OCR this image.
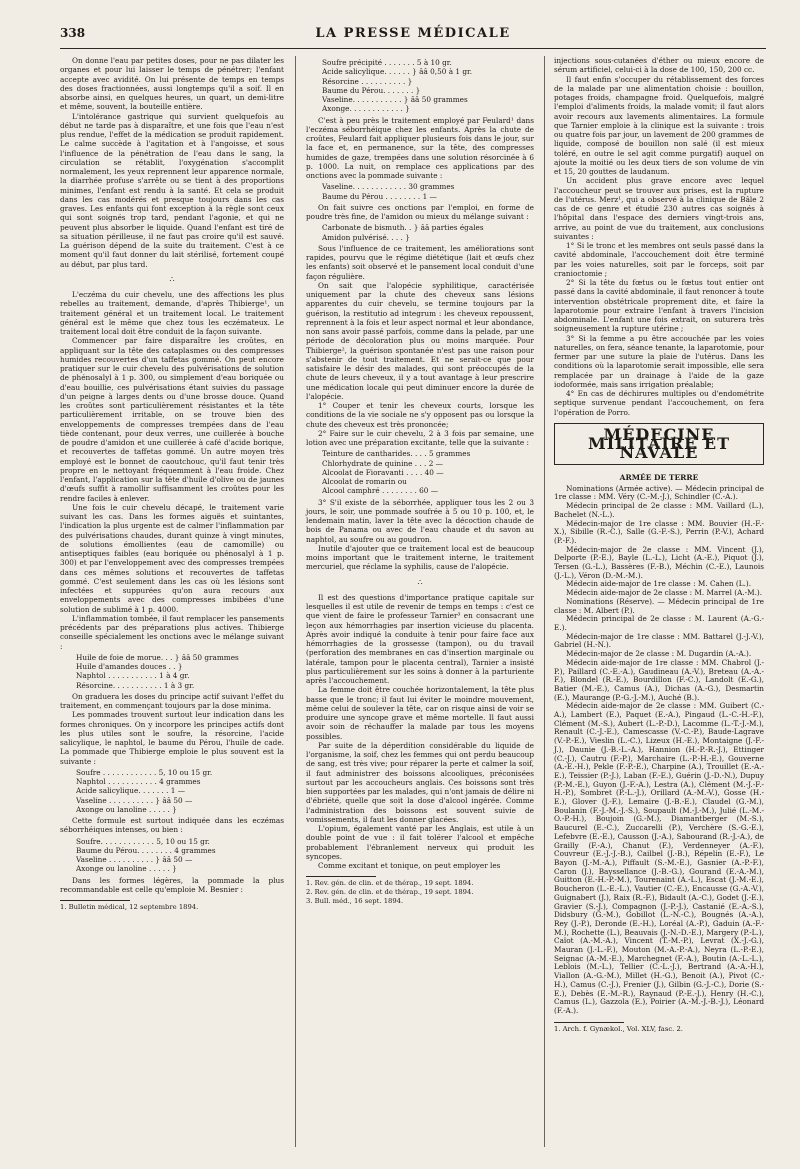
338	LA PRESSE MÉDICALE

On donne l'eau par petites doses, pour ne pas dilater les organes et pour lui laisser le temps de pénétrer; l'enfant accepte avec avidité. On lui présente de temps en temps des doses fractionnées, aussi longtemps qu'il a soif. Il en absorbe ainsi, en quelques heures, un quart, un demi-litre et même, souvent, la bouteille entière.

L'intolérance gastrique qui survient quelquefois au début ne tarde pas à disparaître, et une fois que l'eau n'est plus rendue, l'effet de la médication se produit rapidement. Le calme succède à l'agitation et à l'angoisse, et sous l'influence de la pénétration de l'eau dans le sang, la circulation se rétablit, l'oxygénation s'accomplit normalement, les yeux reprennent leur apparence normale, la diarrhée profuse s'arrête ou se tient à des proportions minimes, l'enfant est rendu à la santé. Et cela se produit dans les cas modérés et presque toujours dans les cas graves. Les enfants qui font exception à la règle sont ceux qui sont soignés trop tard, pendant l'agonie, et qui ne peuvent plus absorber le liquide. Quand l'enfant est tiré de sa situation périlleuse, il ne faut pas croire qu'il est sauvé. La guérison dépend de la suite du traitement. C'est à ce moment qu'il faut donner du lait stérilisé, fortement coupé au début, par plus tard.

∴

L'eczéma du cuir chevelu, une des affections les plus rebelles au traitement, demande, d'après Thibierge¹, un traitement général et un traitement local. Le traitement général est le même que chez tous les eczémateux. Le traitement local doit être conduit de la façon suivante.

Commencer par faire disparaître les croûtes, en appliquant sur la tête des cataplasmes ou des compresses humides recouvertes d'un taffetas gommé. On peut encore pratiquer sur le cuir chevelu des pulvérisations de solution de phénosalyl à 1 p. 300, ou simplement d'eau boriquée ou d'eau bouillie, ces pulvérisations étant suivies du passage d'un peigne à larges dents ou d'une brosse douce. Quand les croûtes sont particulièrement résistantes et la tête particulièrement irritable, on se trouve bien des enveloppements de compresses trempées dans de l'eau tiède contenant, pour deux verres, une cuillerée à bouche de poudre d'amidon et une cuillerée à café d'acide borique, et recouvertes de taffetas gommé. Un autre moyen très employé est le bonnet de caoutchouc, qu'il faut tenir très propre en le nettoyant fréquemment à l'eau froide. Chez l'enfant, l'application sur la tête d'huile d'olive ou de jaunes d'œufs suffit à ramollir suffisamment les croûtes pour les rendre faciles à enlever.

Une fois le cuir chevelu décapé, le traitement varie suivant les cas. Dans les formes aiguës et suintantes, l'indication la plus urgente est de calmer l'inflammation par des pulvérisations chaudes, durant quinze à vingt minutes, de solutions émollientes (eau de camomille) ou antiseptiques faibles (eau boriquée ou phénosalyl à 1 p. 300) et par l'enveloppement avec des compresses trempées dans ces mêmes solutions et recouvertes de taffetas gommé. C'est seulement dans les cas où les lésions sont infectées et suppurées qu'on aura recours aux enveloppements avec des compresses imbibées d'une solution de sublimé à 1 p. 4000.

L'inflammation tombée, il faut remplacer les pansements précédents par des préparations plus actives. Thibierge conseille spécialement les onctions avec le mélange suivant :

Huile de foie de morue. . . } ââ 50 grammes
Huile d'amandes douces . . }
Naphtol . . . . . . . . . . . 1 à 4 gr.
Résorcine. . . . . . . . . . . 1 à 3 gr.

On graduera les doses du principe actif suivant l'effet du traitement, en commençant toujours par la dose minima.

Les pommades trouvent surtout leur indication dans les formes chroniques. On y incorpore les principes actifs dont les plus utiles sont le soufre, la résorcine, l'acide salicylique, le naphtol, le baume du Pérou, l'huile de cade. La pommade que Thibierge emploie le plus souvent est la suivante :

Soufre . . . . . . . . . . . . 5, 10 ou 15 gr.
Naphtol . . . . . . . . . . . 4 grammes
Acide salicylique. . . . . . . 1 —
Vaseline . . . . . . . . . . } ââ 50 —
Axonge ou lanoline . . . . . }

Cette formule est surtout indiquée dans les eczémas séborrhéiques intenses, ou bien :

Soufre. . . . . . . . . . . . 5, 10 ou 15 gr.
Baume du Pérou. . . . . . . . 4 grammes
Vaseline . . . . . . . . . . } ââ 50 —
Axonge ou lanoline . . . . . }

Dans les formes légères, la pommade la plus recommandable est celle qu'emploie M. Besnier :

1. Bulletin médical, 12 septembre 1894.

Soufre précipité . . . . . . . 5 à 10 gr.
Acide salicylique. . . . . . } ââ 0,50 à 1 gr.
Résorcine . . . . . . . . . . }
Baume du Pérou. . . . . . . }
Vaseline. . . . . . . . . . . } ââ 50 grammes
Axonge. . . . . . . . . . . . }

C'est à peu près le traitement employé par Feulard¹ dans l'eczéma séborrhéique chez les enfants. Après la chute de croûtes, Feulard fait appliquer plusieurs fois dans le jour, sur la face et, en permanence, sur la tête, des compresses humides de gaze, trempées dans une solution résorcinée à 6 p. 1000. La nuit, on remplace ces applications par des onctions avec la pommade suivante :

Vaseline. . . . . . . . . . . . 30 grammes
Baume du Pérou . . . . . . . . 1 —

On fait suivre ces onctions par l'emploi, en forme de poudre très fine, de l'amidon ou mieux du mélange suivant :

Carbonate de bismuth. . } ââ parties égales
Amidon pulvérisé. . . . }

Sous l'influence de ce traitement, les améliorations sont rapides, pourvu que le régime diététique (lait et œufs chez les enfants) soit observé et le pansement local conduit d'une façon régulière.

On sait que l'alopécie syphilitique, caractérisée uniquement par la chute des cheveux sans lésions apparentes du cuir chevelu, se termine toujours par la guérison, la restitutio ad integrum : les cheveux repoussent, reprennent à la fois et leur aspect normal et leur abondance, non sans avoir passé parfois, comme dans la pelade, par une période de décoloration plus ou moins marquée. Pour Thibierge², la guérison spontanée n'est pas une raison pour s'abstenir de tout traitement. Et ne serait-ce que pour satisfaire le désir des malades, qui sont préoccupés de la chute de leurs cheveux, il y a tout avantage à leur prescrire une médication locale qui peut diminuer encore la durée de l'alopécie.

1° Couper et tenir les cheveux courts, lorsque les conditions de la vie sociale ne s'y opposent pas ou lorsque la chute des cheveux est très prononcée;

2° Faire sur le cuir chevelu, 2 à 3 fois par semaine, une lotion avec une préparation excitante, telle que la suivante :

Teinture de cantharides. . . . 5 grammes
Chlorhydrate de quinine . . . 2 —
Alcoolat de Fioravanti . . . . 40 —
Alcoolat de romarin ou
Alcool camphré . . . . . . . . 60 —

3° S'il existe de la séborrhée, appliquer tous les 2 ou 3 jours, le soir, une pommade soufrée à 5 ou 10 p. 100, et, le lendemain matin, laver la tête avec la décoction chaude de bois de Panama ou avec de l'eau chaude et du savon au naphtol, au soufre ou au goudron.

Inutile d'ajouter que ce traitement local est de beaucoup moins important que le traitement interne, le traitement mercuriel, que réclame la syphilis, cause de l'alopécie.

∴

Il est des questions d'importance pratique capitale sur lesquelles il est utile de revenir de temps en temps : c'est ce que vient de faire le professeur Tarnier³ en consacrant une leçon aux hémorrhagies par insertion vicieuse du placenta. Après avoir indiqué la conduite à tenir pour faire face aux hémorrhagies de la grossesse (tampon), ou du travail (perforation des membranes en cas d'insertion marginale ou latérale, tampon pour le placenta central), Tarnier a insisté plus particulièrement sur les soins à donner à la parturiente après l'accouchement.

La femme doit être couchée horizontalement, la tête plus basse que le tronc; il faut lui éviter le moindre mouvement, même celui de soulever la tête, car on risque ainsi de voir se produire une syncope grave et même mortelle. Il faut aussi avoir soin de réchauffer la malade par tous les moyens possibles.

Par suite de la déperdition considérable du liquide de l'organisme, la soif, chez les femmes qui ont perdu beaucoup de sang, est très vive; pour réparer la perte et calmer la soif, il faut administrer des boissons alcooliques, préconisées surtout par les accoucheurs anglais. Ces boissons sont très bien supportées par les malades, qui n'ont jamais de délire ni d'ébriété, quelle que soit la dose d'alcool ingérée. Comme l'administration des boissons est souvent suivie de vomissements, il faut les donner glacées.

L'opium, également vanté par les Anglais, est utile à un double point de vue : il fait tolérer l'alcool et empêche probablement l'ébranlement nerveux qui produit les syncopes.

Comme excitant et tonique, on peut employer les

1. Rev. gén. de clin. et de thérap., 19 sept. 1894.

2. Rev. gén. de clin. et de thérap., 19 sept. 1894.

3. Bull. méd., 16 sept. 1894.

injections sous-cutanées d'éther ou mieux encore de sérum artificiel, celui-ci à la dose de 100, 150, 200 cc.

Il faut enfin s'occuper du rétablissement des forces de la malade par une alimentation choisie : bouillon, potages froids, champagne froid. Quelquefois, malgré l'emploi d'aliments froids, la malade vomit; il faut alors avoir recours aux lavements alimentaires. La formule que Tarnier emploie à la clinique est la suivante : trois ou quatre fois par jour, un lavement de 200 grammes de liquide, composé de bouillon non salé (il est mieux toléré, en outre le sel agit comme purgatif) auquel on ajoute la moitié ou les deux tiers de son volume de vin et 15, 20 gouttes de laudanum.

Un accident plus grave encore avec lequel l'accoucheur peut se trouver aux prises, est la rupture de l'utérus. Merz¹, qui a observé à la clinique de Bâle 2 cas de ce genre et étudié 230 autres cas soignés à l'hôpital dans l'espace des derniers vingt-trois ans, arrive, au point de vue du traitement, aux conclusions suivantes :

1° Si le tronc et les membres ont seuls passé dans la cavité abdominale, l'accouchement doit être terminé par les voies naturelles, soit par le forceps, soit par cranioctomie ;

2° Si la tête du fœtus ou le fœtus tout entier ont passé dans la cavité abdominale, il faut renoncer à toute intervention obstétricale proprement dite, et faire la laparotomie pour extraire l'enfant à travers l'incision abdominale. L'enfant une fois extrait, on suturera très soigneusement la rupture utérine ;

3° Si la femme a pu être accouchée par les voies naturelles, on fera, séance tenante, la laparotomie, pour fermer par une suture la plaie de l'utérus. Dans les conditions où la laparotomie serait impossible, elle sera remplacée par un drainage à l'aide de la gaze iodoformée, mais sans irrigation préalable;

4° En cas de déchirures multiples ou d'endométrite septique survenue pendant l'accouchement, on fera l'opération de Porro.

MÉDECINE MILITAIRE ET NAVALE
ARMÉE DE TERRE

Nominations (Armée active). — Médecin principal de 1re classe : MM. Véry (C.-M.-J.), Schindler (C.-A.).

Médecin principal de 2e classe : MM. Vaillard (L.), Bachelet (N.-L.).

Médecin-major de 1re classe : MM. Bouvier (H.-F.-X.), Sibille (R.-C.), Salle (G.-F.-S.), Perrin (P.-V.), Achard (P.-F.).

Médecin-major de 2e classe : MM. Vincent (J.), Delporte (P.-E.), Bayle (L.-L.), Licht (A.-E.), Piquot (J.), Tersen (G.-L.), Bassères (F.-B.), Méchin (C.-E.), Launois (J.-L.), Véron (D.-M.-M.).

Médecin aide-major de 1re classe : M. Cahen (L.).

Médecin aide-major de 2e classe : M. Marrel (A.-M.).

Nominations (Réserve). — Médecin principal de 1re classe : M. Albert (P.).

Médecin principal de 2e classe : M. Laurent (A.-G.-E.).

Médecin-major de 1re classe : MM. Battarel (J.-J.-V.), Gabriel (H.-N.).

Médecin-major de 2e classe : M. Dugardin (A.-A.).

Médecin aide-major de 1re classe : MM. Chabrol (J.-P.), Paillard (C.-E.-A.), Gaudineau (A.-V.), Breteau (A.-A.-F.), Blondel (R.-E.), Bourdillon (F.-C.), Landolt (E.-G.), Batier (M.-E.), Camus (A.), Dichas (A.-G.), Desmartin (E.), Maurange (P.-G.-J.-M.), Auché (B.).

Médecin aide-major de 2e classe : MM. Guibert (C.-A.), Lambert (E.), Paquet (E.-A.), Pingaud (L.-C.-H.-F.), Clément (M.-S.), Aubert (L.-P.-D.), Lacomme (L.-T.-J.-M.), Renault (C.-J.-E.), Camescasse (V.-C.-P.), Baude-Lagrave (V.-P.-E.), Vieslin (L.-C.), Lizeux (H.-E.), Montaigne (J.-F.-J.), Daunie (J.-B.-L.-A.), Hannion (H.-P.-R.-J.), Ettinger (C.-J.), Cautru (F.-P.), Marchaire (L.-P.-H.-E.), Gouverne (A.-E.-H.), Pekle (F.-P.-E.), Charpine (A.), Trouillet (E.-A.-E.), Teissier (P.-J.), Laban (F.-E.), Guérin (J.-D.-N.), Dupuy (P.-M.-E.), Guyon (J.-F.-A.), Lestra (A.), Clément (M.-J.-F.-H.-P.), Sombret (P.-L.-J.), Orillard (A.-M.-V.), Gosse (H.-E.), Glover (J.-F.), Lemaire (J.-B.-E.), Claudel (G.-M.), Boulanin (F.-J.-M.-J.-S.), Soupault (M.-J.-M.), Julié (L.-M.-O.-P.-H.), Boujoin (G.-M.), Diamantberger (M.-S.), Baucurel (E.-C.), Zuccarelli (P.), Verchère (S.-G.-E.), Lefebvre (E.-E.), Causson (J.-A.), Sabourand (R.-J.-A.), de Grailly (F.-A.), Chanut (F.), Verdenneyer (A.-F.), Couvreur (E.-J.-J.-B.), Cailbel (J.-B.), Répelin (E.-F.), Le Bayon (J.-M.-A.), Piffault (S.-M.-E.), Gasnier (A.-P.-F.), Caron (J.), Bayssellance (J.-B.-G.), Gourand (E.-A.-M.), Guitton (E.-H.-P.-M.), Tourenaint (A.-L.), Escat (J.-M.-E.), Boucheron (L.-E.-L.), Vautier (C.-E.), Encausse (G.-A.-V.), Guignabert (J.), Raix (R.-F.), Bidault (A.-C.), Godet (J.-E.), Gravier (S.-J.), Compagnon (J.-P.-J.), Castanié (E.-A.-S.), Didsbury (G.-M.), Gobillot (L.-N.-C.), Bougnés (A.-A.), Rey (J.-P.), Deronde (E.-H.), Loréal (A.-P.), Gaduin (A.-F.-M.), Rochette (L.), Beauvais (J.-N.-D.-E.), Margery (P.-L.), Caïot (A.-M.-A.), Vincent (T.-M.-P.), Levrat (X.-J.-G.), Mauran (J.-L.-F.), Mouton (M.-A.-P.-A.), Neyra (L.-P.-E.), Seignac (A.-M.-E.), Marchegnet (F.-A.), Boutin (A.-L.-L.), Leblois (M.-L.), Tellier (C.-L.-J.), Bertrand (A.-A.-H.), Viallon (A.-G.-M.), Millet (H.-G.), Benoit (A.), Pivot (C.-H.), Camus (C.-J.), Frenier (J.), Gilbin (G.-J.-C.), Dorie (S.-E.), Debès (E.-M.-R.), Raynaud (P.-E.-J.), Henry (H.-C.), Camus (L.), Gazzola (E.), Poirier (A.-M.-J.-B.-J.), Léonard (F.-A.).

1. Arch. f. Gynækol., Vol. XLV, fasc. 2.
